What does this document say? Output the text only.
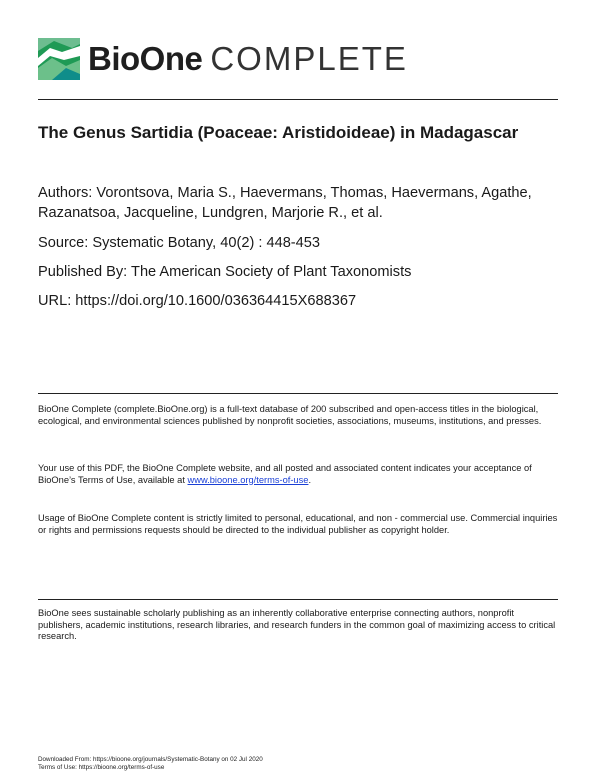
BioOne COMPLETE
The Genus Sartidia (Poaceae: Aristidoideae) in Madagascar

Authors: Vorontsova, Maria S., Haevermans, Thomas, Haevermans, Agathe, Razanatsoa, Jacqueline, Lundgren, Marjorie R., et al.

Source: Systematic Botany, 40(2) : 448-453

Published By: The American Society of Plant Taxonomists

URL: https://doi.org/10.1600/036364415X688367

BioOne Complete (complete.BioOne.org) is a full-text database of 200 subscribed and open-access titles in the biological, ecological, and environmental sciences published by nonprofit societies, associations, museums, institutions, and presses.

Your use of this PDF, the BioOne Complete website, and all posted and associated content indicates your acceptance of BioOne’s Terms of Use, available at www.bioone.org/terms-of-use.

Usage of BioOne Complete content is strictly limited to personal, educational, and non - commercial use. Commercial inquiries or rights and permissions requests should be directed to the individual publisher as copyright holder.

BioOne sees sustainable scholarly publishing as an inherently collaborative enterprise connecting authors, nonprofit publishers, academic institutions, research libraries, and research funders in the common goal of maximizing access to critical research.

Downloaded From: https://bioone.org/journals/Systematic-Botany on 02 Jul 2020

Terms of Use: https://bioone.org/terms-of-use
